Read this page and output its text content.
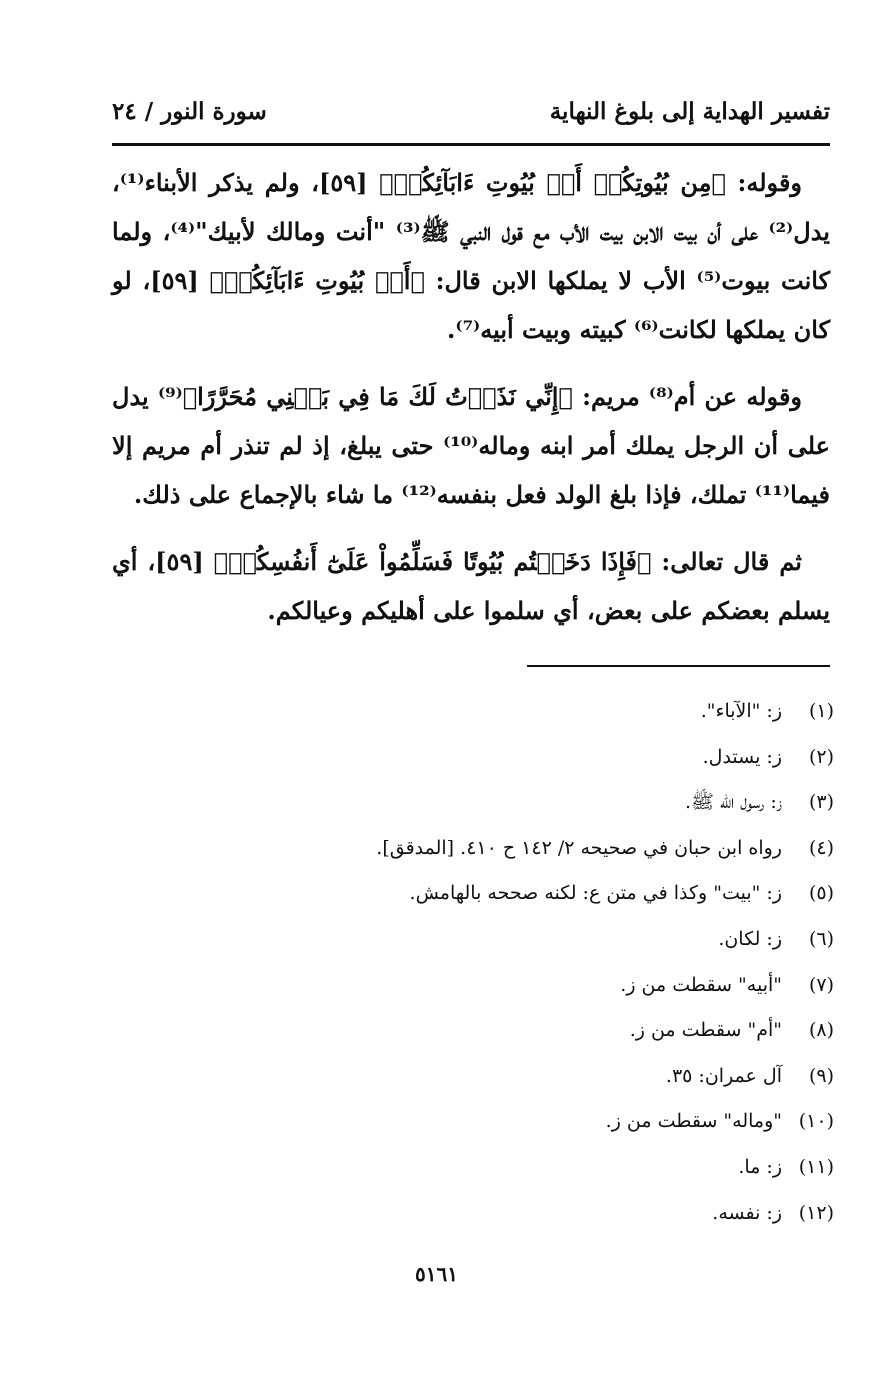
تفسير الهداية إلى بلوغ النهاية
سورة النور / ٢٤

وقوله: ﴿مِن بُيُوتِكُمۡ أَوۡ بُيُوتِ ءَابَآئِكُمۡ﴾ [٥٩]، ولم يذكر الأبناء⁽¹⁾، يدل⁽²⁾ على أن بيت الابن بيت الأب مع قول النبي ﷺ⁽³⁾ "أنت ومالك لأبيك"⁽⁴⁾، ولما كانت بيوت⁽⁵⁾ الأب لا يملكها الابن قال: ﴿أَوۡ بُيُوتِ ءَابَآئِكُمۡ﴾ [٥٩]، لو كان يملكها لكانت⁽⁶⁾ كبيته وبيت أبيه⁽⁷⁾.

وقوله عن أم⁽⁸⁾ مريم: ﴿إِنِّي نَذَرۡتُ لَكَ مَا فِي بَطۡنِي مُحَرَّرًا﴾⁽⁹⁾ يدل على أن الرجل يملك أمر ابنه وماله⁽¹⁰⁾ حتى يبلغ، إذ لم تنذر أم مريم إلا فيما⁽¹¹⁾ تملك، فإذا بلغ الولد فعل بنفسه⁽¹²⁾ ما شاء بالإجماع على ذلك.

ثم قال تعالى: ﴿فَإِذَا دَخَلۡتُم بُيُوتًا فَسَلِّمُواْ عَلَىٰٓ أَنفُسِكُمۡ﴾ [٥٩]، أي يسلم بعضكم على بعض، أي سلموا على أهليكم وعيالكم.

(١)ز: "الآباء".
(٢)ز: يستدل.
(٣)ز: رسول الله ﷺ.
(٤)رواه ابن حبان في صحيحه ٢/ ١٤٢ ح ٤١٠. [المدقق].
(٥)ز: "بيت" وكذا في متن ع: لكنه صححه بالهامش.
(٦)ز: لكان.
(٧)"أبيه" سقطت من ز.
(٨)"أم" سقطت من ز.
(٩)آل عمران: ٣٥.
(١٠)"وماله" سقطت من ز.
(١١)ز: ما.
(١٢)ز: نفسه.
٥١٦١
